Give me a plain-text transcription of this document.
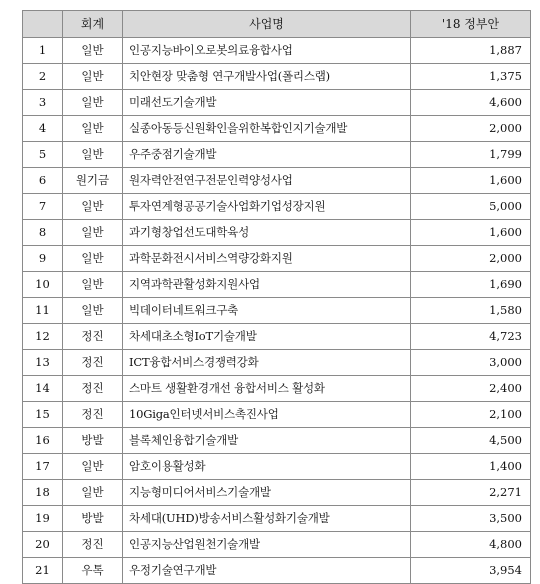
	회계	사업명	'18 정부안
1	일반	인공지능바이오로봇의료융합사업	1,887
2	일반	치안현장 맞춤형 연구개발사업(폴리스랩)	1,375
3	일반	미래선도기술개발	4,600
4	일반	실종아동등신원확인을위한복합인지기술개발	2,000
5	일반	우주중점기술개발	1,799
6	원기금	원자력안전연구전문인력양성사업	1,600
7	일반	투자연계형공공기술사업화기업성장지원	5,000
8	일반	과기형창업선도대학육성	1,600
9	일반	과학문화전시서비스역량강화지원	2,000
10	일반	지역과학관활성화지원사업	1,690
11	일반	빅데이터네트워크구축	1,580
12	정진	차세대초소형IoT기술개발	4,723
13	정진	ICT융합서비스경쟁력강화	3,000
14	정진	스마트 생활환경개선 융합서비스 활성화	2,400
15	정진	10Giga인터넷서비스촉진사업	2,100
16	방발	블록체인융합기술개발	4,500
17	일반	암호이용활성화	1,400
18	일반	지능형미디어서비스기술개발	2,271
19	방발	차세대(UHD)방송서비스활성화기술개발	3,500
20	정진	인공지능산업원천기술개발	4,800
21	우톡	우정기술연구개발	3,954
